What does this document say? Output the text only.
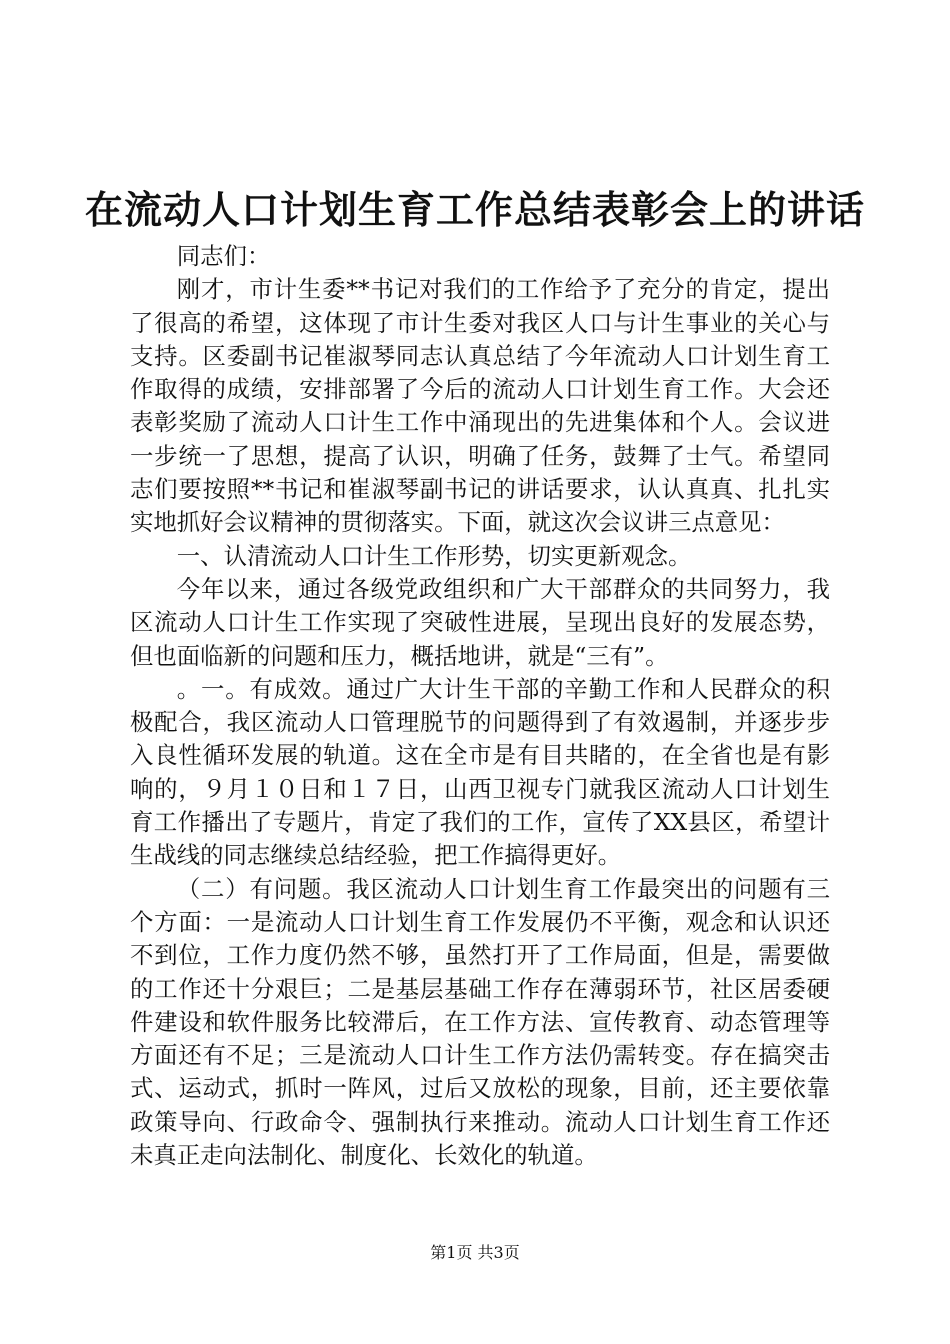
在流动人口计划生育工作总结表彰会上的讲话

同志们：

刚才，市计生委**书记对我们的工作给予了充分的肯定，提出了很高的希望，这体现了市计生委对我区人口与计生事业的关心与支持。区委副书记崔淑琴同志认真总结了今年流动人口计划生育工作取得的成绩，安排部署了今后的流动人口计划生育工作。大会还表彰奖励了流动人口计生工作中涌现出的先进集体和个人。会议进一步统一了思想，提高了认识，明确了任务，鼓舞了士气。希望同志们要按照**书记和崔淑琴副书记的讲话要求，认认真真、扎扎实实地抓好会议精神的贯彻落实。下面，就这次会议讲三点意见：

一、认清流动人口计生工作形势，切实更新观念。

今年以来，通过各级党政组织和广大干部群众的共同努力，我区流动人口计生工作实现了突破性进展，呈现出良好的发展态势，但也面临新的问题和压力，概括地讲，就是“三有”。

。一。有成效。通过广大计生干部的辛勤工作和人民群众的积极配合，我区流动人口管理脱节的问题得到了有效遏制，并逐步步入良性循环发展的轨道。这在全市是有目共睹的，在全省也是有影响的，９月１０日和１７日，山西卫视专门就我区流动人口计划生育工作播出了专题片，肯定了我们的工作，宣传了XX县区，希望计生战线的同志继续总结经验，把工作搞得更好。

（二）有问题。我区流动人口计划生育工作最突出的问题有三个方面：一是流动人口计划生育工作发展仍不平衡，观念和认识还不到位，工作力度仍然不够，虽然打开了工作局面，但是，需要做的工作还十分艰巨；二是基层基础工作存在薄弱环节，社区居委硬件建设和软件服务比较滞后，在工作方法、宣传教育、动态管理等方面还有不足；三是流动人口计生工作方法仍需转变。存在搞突击式、运动式，抓时一阵风，过后又放松的现象，目前，还主要依靠政策导向、行政命令、强制执行来推动。流动人口计划生育工作还未真正走向法制化、制度化、长效化的轨道。

第1页 共3页
